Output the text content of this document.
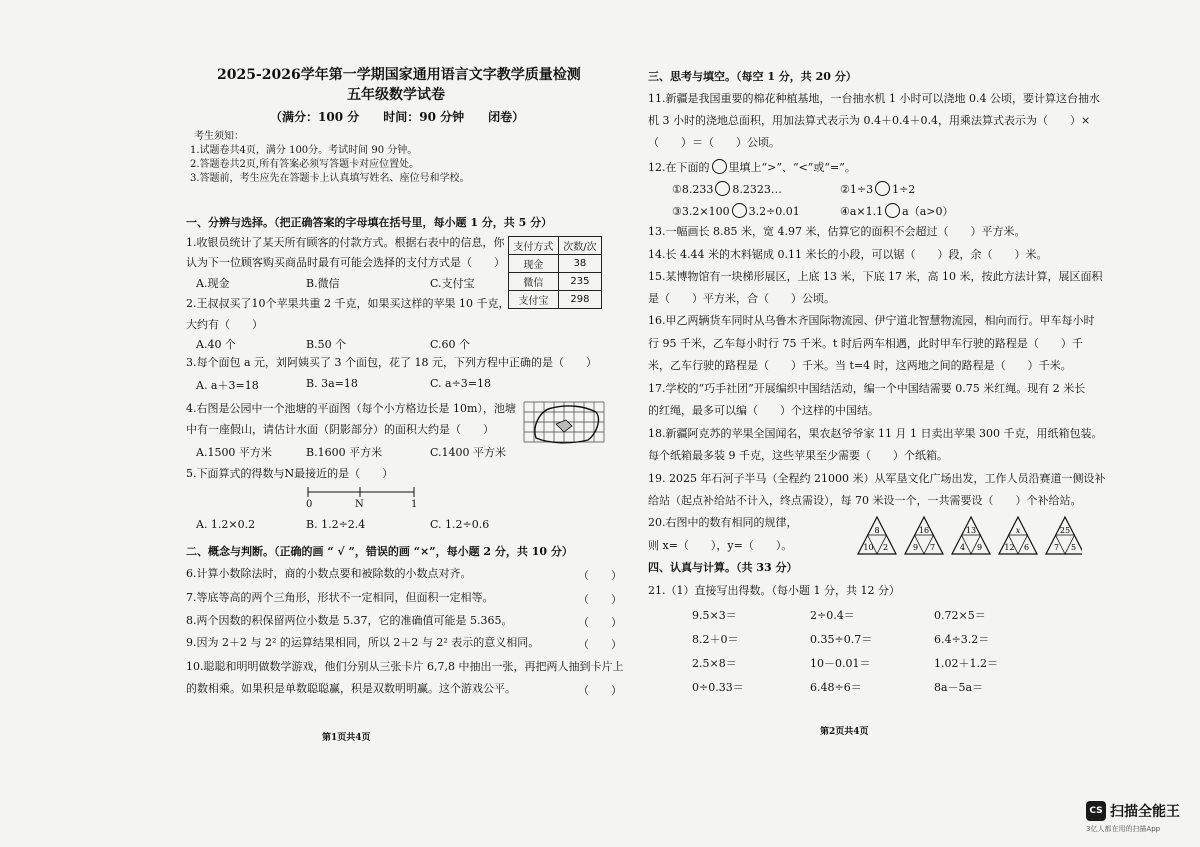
2025-2026学年第一学期国家通用语言文字教学质量检测
五年级数学试卷
（满分：100 分　　时间：90 分钟　　闭卷）
考生须知：
1.试题卷共4页，满分 100分。考试时间 90 分钟。
2.答题卷共2页,所有答案必须写答题卡对应位置处。
3.答题前，考生应先在答题卡上认真填写姓名、座位号和学校。
一、分辨与选择。（把正确答案的字母填在括号里，每小题 1 分，共 5 分）
1.收银员统计了某天所有顾客的付款方式。根据右表中的信息，你
认为下一位顾客购买商品时最有可能会选择的支付方式是（　　）
A.现金	B.微信	C.支付宝
支付方式	次数/次
现金	38
微信	235
支付宝	298
2.王叔叔买了10个苹果共重 2 千克，如果买这样的苹果 10 千克，
大约有（　　）
A.40 个	B.50 个	C.60 个
3.每个面包 a 元，刘阿姨买了 3 个面包，花了 18 元，下列方程中正确的是（　　）
A. a＋3=18	B. 3a=18	C. a÷3=18
4.右图是公园中一个池塘的平面图（每个小方格边长是 10m），池塘
中有一座假山，请估计水面（阴影部分）的面积大约是（　　）
A.1500 平方米	B.1600 平方米	C.1400 平方米
5.下面算式的得数与N最接近的是（　　）
0	N	1
A. 1.2×0.2	B. 1.2÷2.4	C. 1.2÷0.6
二、概念与判断。（正确的画 “ √ ”，错误的画 “×”，每小题 2 分，共 10 分）
6.计算小数除法时，商的小数点要和被除数的小数点对齐。	（　　）
7.等底等高的两个三角形，形状不一定相同，但面积一定相等。	（　　）
8.两个因数的积保留两位小数是 5.37，它的准确值可能是 5.365。	（　　）
9.因为 2＋2 与 2² 的运算结果相同，所以 2＋2 与 2² 表示的意义相同。	（　　）
10.聪聪和明明做数学游戏，他们分别从三张卡片 6,7,8 中抽出一张，再把两人抽到卡片上
的数相乘。如果积是单数聪聪赢，积是双数明明赢。这个游戏公平。	（　　）
第1页共4页
三、思考与填空。（每空 1 分，共 20 分）
11.新疆是我国重要的棉花种植基地，一台抽水机 1 小时可以浇地 0.4 公顷，要计算这台抽水
机 3 小时的浇地总面积，用加法算式表示为 0.4＋0.4＋0.4，用乘法算式表示为（　　）×
（　　）＝（　　）公顷。
12.在下面的 里填上“>”、“<”或“=”。
①8.233 8.2323…	②1÷3 1÷2
③3.2×100 3.2÷0.01	④a×1.1 a（a>0）
13.一幅画长 8.85 米，宽 4.97 米，估算它的面积不会超过（　　）平方米。
14.长 4.44 米的木料锯成 0.11 米长的小段，可以锯（　　）段，余（　　）米。
15.某博物馆有一块梯形展区，上底 13 米，下底 17 米，高 10 米，按此方法计算，展区面积
是（　　）平方米，合（　　）公顷。
16.甲乙两辆货车同时从乌鲁木齐国际物流园、伊宁道北智慧物流园，相向而行。甲车每小时
行 95 千米，乙车每小时行 75 千米。t 时后两车相遇，此时甲车行驶的路程是（　　）千
米，乙车行驶的路程是（　　）千米。当 t=4 时，这两地之间的路程是（　　）千米。
17.学校的“巧手社团”开展编织中国结活动，编一个中国结需要 0.75 米红绳。现有 2 米长
的红绳，最多可以编（　　）个这样的中国结。
18.新疆阿克苏的苹果全国闻名，果农赵爷爷家 11 月 1 日卖出苹果 300 千克，用纸箱包装。
每个纸箱最多装 9 千克，这些苹果至少需要（　　）个纸箱。
19. 2025 年石河子半马（全程约 21000 米）从军垦文化广场出发，工作人员沿赛道一侧设补
给站（起点补给站不计入，终点需设），每 70 米设一个，一共需要设（　　）个补给站。
20.右图中的数有相同的规律，
则 x=（　　），y=（　　）。
8
10 2
16
9 7
13
4 9
x
12 6
25
7 5
四、认真与计算。（共 33 分）
21.（1）直接写出得数。（每小题 1 分，共 12 分）
9.5×3＝	2÷0.4＝	0.72×5＝
8.2＋0＝	0.35÷0.7＝	6.4÷3.2＝
2.5×8＝	10－0.01＝	1.02＋1.2＝
0÷0.33＝	6.48÷6＝	8a－5a＝
第2页共4页
CS 扫描全能王
3亿人都在用的扫描App
